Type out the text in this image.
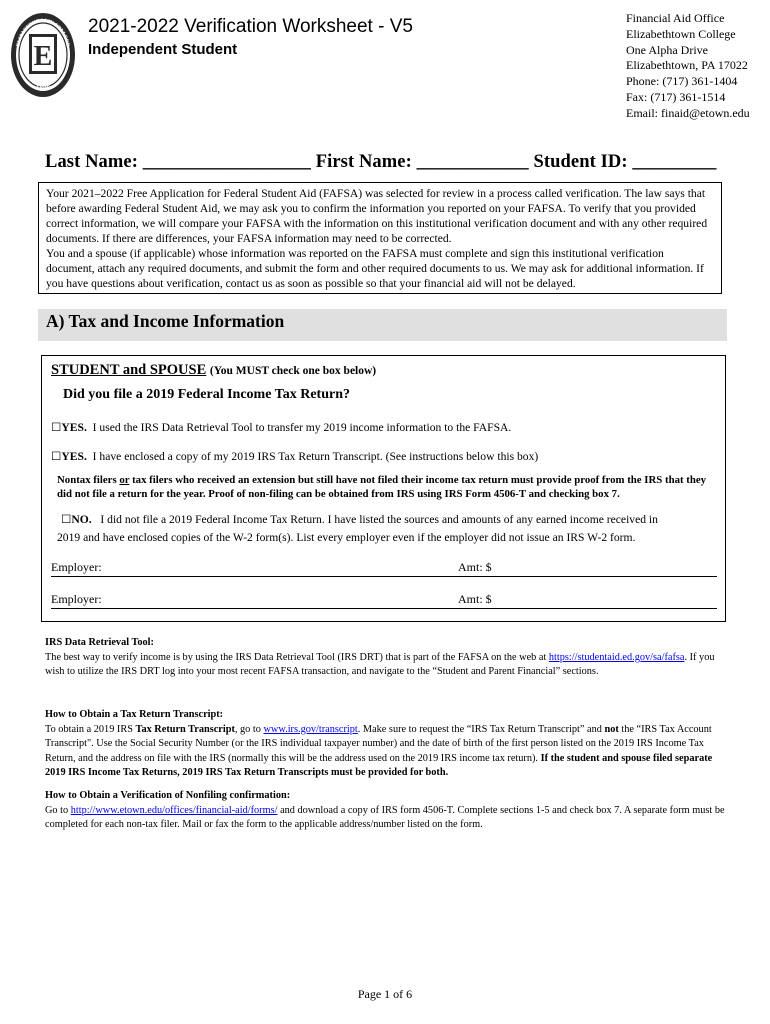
E
1899
ELIZABETHTOWN COLLEGE
2021-2022 Verification Worksheet - V5
Independent Student
Financial Aid Office
Elizabethtown College
One Alpha Drive
Elizabethtown, PA 17022
Phone: (717) 361-1404
Fax: (717) 361-1514
Email: finaid@etown.edu
Last Name: __________________ First Name: ____________ Student ID: _________

Your 2021–2022 Free Application for Federal Student Aid (FAFSA) was selected for review in a process called verification. The law says that before awarding Federal Student Aid, we may ask you to confirm the information you reported on your FAFSA. To verify that you provided correct information, we will compare your FAFSA with the information on this institutional verification document and with any other required documents. If there are differences, your FAFSA information may need to be corrected.

You and a spouse (if applicable) whose information was reported on the FAFSA must complete and sign this institutional verification document, attach any required documents, and submit the form and other required documents to us. We may ask for additional information. If you have questions about verification, contact us as soon as possible so that your financial aid will not be delayed.

A) Tax and Income Information
STUDENT and SPOUSE (You MUST check one box below)
Did you file a 2019 Federal Income Tax Return?
☐YES. I used the IRS Data Retrieval Tool to transfer my 2019 income information to the FAFSA.
☐YES. I have enclosed a copy of my 2019 IRS Tax Return Transcript. (See instructions below this box)
Nontax filers or tax filers who received an extension but still have not filed their income tax return must provide proof from the IRS that they did not file a return for the year. Proof of non-filing can be obtained from IRS using IRS Form 4506-T and checking box 7.
☐NO. I did not file a 2019 Federal Income Tax Return. I have listed the sources and amounts of any earned income received in
2019 and have enclosed copies of the W-2 form(s). List every employer even if the employer did not issue an IRS W-2 form.
Employer:	Amt: $
Employer:	Amt: $

IRS Data Retrieval Tool:

The best way to verify income is by using the IRS Data Retrieval Tool (IRS DRT) that is part of the FAFSA on the web at https://studentaid.ed.gov/sa/fafsa. If you wish to utilize the IRS DRT log into your most recent FAFSA transaction, and navigate to the “Student and Parent Financial” sections.

How to Obtain a Tax Return Transcript:

To obtain a 2019 IRS Tax Return Transcript, go to www.irs.gov/transcript. Make sure to request the “IRS Tax Return Transcript” and not the “IRS Tax Account Transcript". Use the Social Security Number (or the IRS individual taxpayer number) and the date of birth of the first person listed on the 2019 IRS Income Tax Return, and the address on file with the IRS (normally this will be the address used on the 2019 IRS income tax return). If the student and spouse filed separate 2019 IRS Income Tax Returns, 2019 IRS Tax Return Transcripts must be provided for both.

How to Obtain a Verification of Nonfiling confirmation:

Go to http://www.etown.edu/offices/financial-aid/forms/ and download a copy of IRS form 4506-T. Complete sections 1-5 and check box 7. A separate form must be completed for each non-tax filer. Mail or fax the form to the applicable address/number listed on the form.

Page 1 of 6
